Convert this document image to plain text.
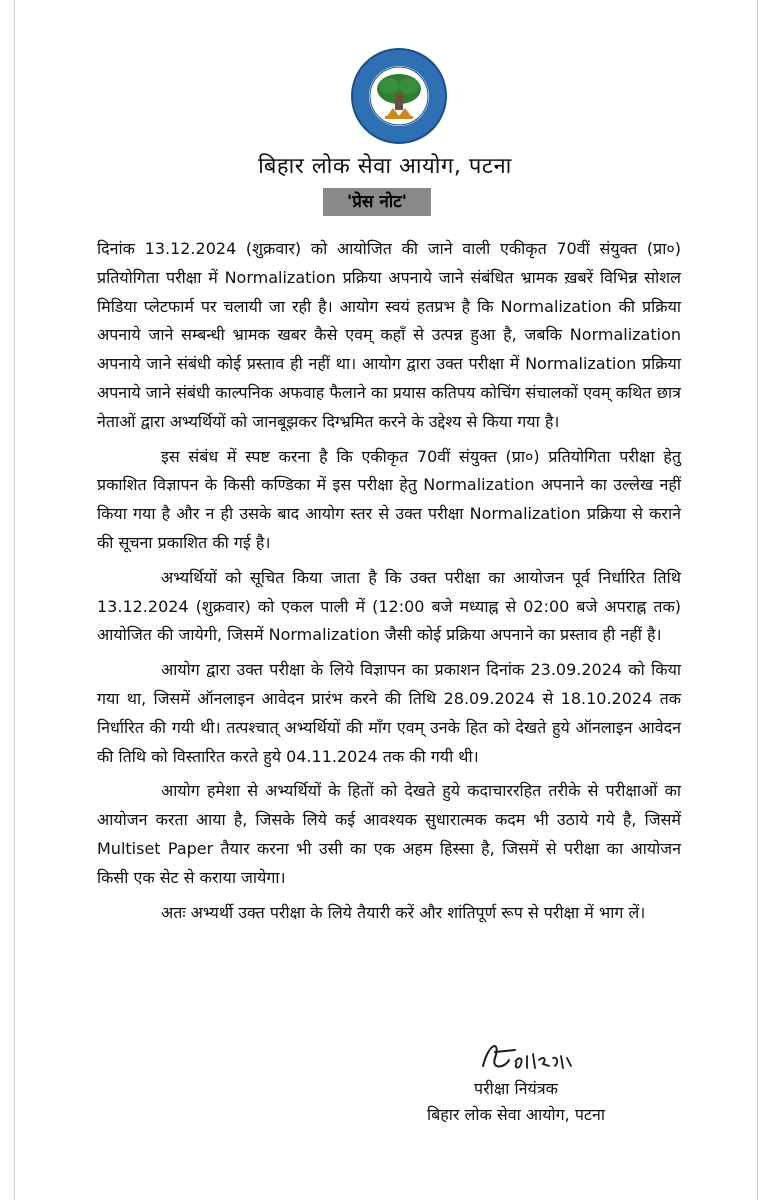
बिहार लोक सेवा आयोग, पटना
'प्रेस नोट'

दिनांक 13.12.2024 (शुक्रवार) को आयोजित की जाने वाली एकीकृत 70वीं संयुक्त (प्रा०) प्रतियोगिता परीक्षा में Normalization प्रक्रिया अपनाये जाने संबंधित भ्रामक ख़बरें विभिन्न सोशल मिडिया प्लेटफार्म पर चलायी जा रही है। आयोग स्वयं हतप्रभ है कि Normalization की प्रक्रिया अपनाये जाने सम्बन्धी भ्रामक खबर कैसे एवम् कहाँ से उत्पन्न हुआ है, जबकि Normalization अपनाये जाने संबंधी कोई प्रस्ताव ही नहीं था। आयोग द्वारा उक्त परीक्षा में Normalization प्रक्रिया अपनाये जाने संबंधी काल्पनिक अफवाह फैलाने का प्रयास कतिपय कोचिंग संचालकों एवम् कथित छात्र नेताओं द्वारा अभ्यर्थियों को जानबूझकर दिग्भ्रमित करने के उद्देश्य से किया गया है।

इस संबंध में स्पष्ट करना है कि एकीकृत 70वीं संयुक्त (प्रा०) प्रतियोगिता परीक्षा हेतु प्रकाशित विज्ञापन के किसी कण्डिका में इस परीक्षा हेतु Normalization अपनाने का उल्लेख नहीं किया गया है और न ही उसके बाद आयोग स्तर से उक्त परीक्षा Normalization प्रक्रिया से कराने की सूचना प्रकाशित की गई है।

अभ्यर्थियों को सूचित किया जाता है कि उक्त परीक्षा का आयोजन पूर्व निर्धारित तिथि 13.12.2024 (शुक्रवार) को एकल पाली में (12:00 बजे मध्याह्न से 02:00 बजे अपराह्न तक) आयोजित की जायेगी, जिसमें Normalization जैसी कोई प्रक्रिया अपनाने का प्रस्ताव ही नहीं है।

आयोग द्वारा उक्त परीक्षा के लिये विज्ञापन का प्रकाशन दिनांक 23.09.2024 को किया गया था, जिसमें ऑनलाइन आवेदन प्रारंभ करने की तिथि 28.09.2024 से 18.10.2024 तक निर्धारित की गयी थी। तत्पश्चात् अभ्यर्थियों की माँग एवम् उनके हित को देखते हुये ऑनलाइन आवेदन की तिथि को विस्तारित करते हुये 04.11.2024 तक की गयी थी।

आयोग हमेशा से अभ्यर्थियों के हितों को देखते हुये कदाचाररहित तरीके से परीक्षाओं का आयोजन करता आया है, जिसके लिये कई आवश्यक सुधारात्मक कदम भी उठाये गये है, जिसमें Multiset Paper तैयार करना भी उसी का एक अहम हिस्सा है, जिसमें से परीक्षा का आयोजन किसी एक सेट से कराया जायेगा।

अतः अभ्यर्थी उक्त परीक्षा के लिये तैयारी करें और शांतिपूर्ण रूप से परीक्षा में भाग लें।

परीक्षा नियंत्रक
बिहार लोक सेवा आयोग, पटना
